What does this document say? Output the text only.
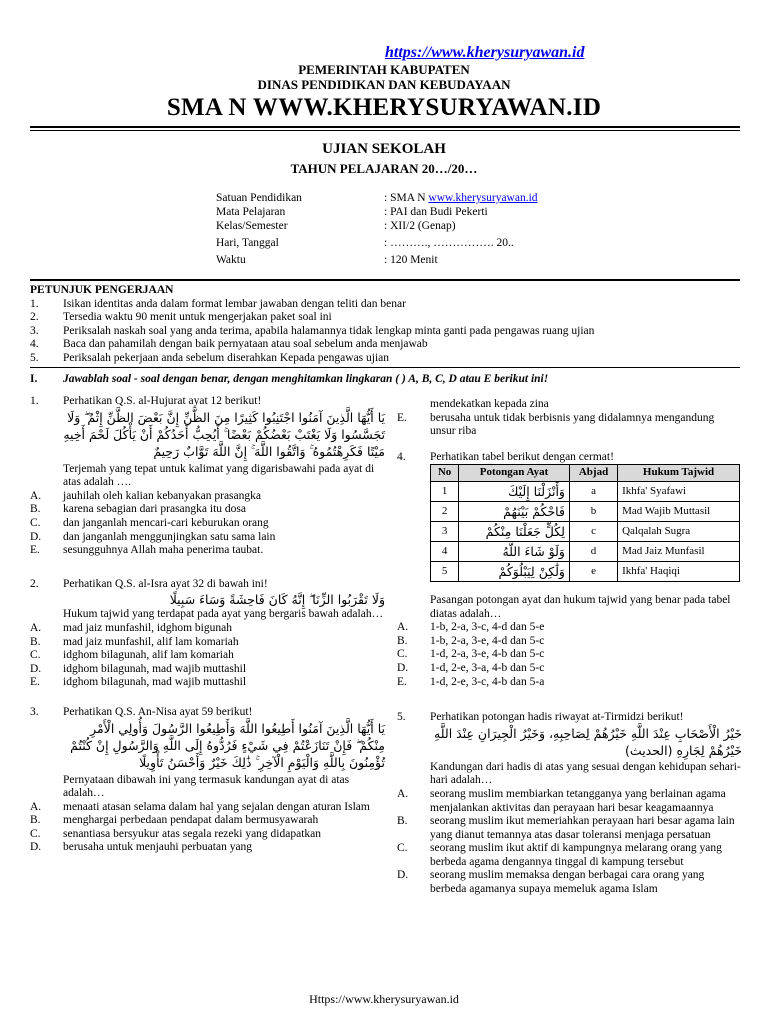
https://www.kherysuryawan.id
PEMERINTAH KABUPATEN
DINAS PENDIDIKAN DAN KEBUDAYAAN
SMA N WWW.KHERYSURYAWAN.ID
UJIAN SEKOLAH
TAHUN PELAJARAN 20…/20…
Satuan Pendidikan	: SMA N www.kherysuryawan.id
Mata Pelajaran	: PAI dan Budi Pekerti
Kelas/Semester	: XII/2 (Genap)
Hari, Tanggal	: ………., ……………. 20..
Waktu	: 120 Menit
PETUNJUK PENGERJAAN
1.	Isikan identitas anda dalam format lembar jawaban dengan teliti dan benar
2.	Tersedia waktu 90 menit untuk mengerjakan paket soal ini
3.	Periksalah naskah soal yang anda terima, apabila halamannya tidak lengkap minta ganti pada pengawas ruang ujian
4.	Baca dan pahamilah dengan baik pernyataan atau soal sebelum anda menjawab
5.	Periksalah pekerjaan anda sebelum diserahkan Kepada pengawas ujian
I.	Jawablah soal - soal dengan benar, dengan menghitamkan lingkaran ( ) A, B, C, D atau E berikut ini!
1.	Perhatikan Q.S. al-Hujurat ayat 12 berikut!
يَا أَيُّهَا الَّذِينَ آمَنُوا اجْتَنِبُوا كَثِيرًا مِنَ الظَّنِّ إِنَّ بَعْضَ الظَّنِّ إِثْمٌ ۖ وَلَا تَجَسَّسُوا وَلَا يَغْتَبْ بَعْضُكُمْ بَعْضًا ۚ أَيُحِبُّ أَحَدُكُمْ أَنْ يَأْكُلَ لَحْمَ أَخِيهِ مَيْتًا فَكَرِهْتُمُوهُ ۚ وَاتَّقُوا اللَّهَ ۚ إِنَّ اللَّهَ تَوَّابٌ رَحِيمٌ
Terjemah yang tepat untuk kalimat yang digarisbawahi pada ayat di atas adalah ….
A.	jauhilah oleh kalian kebanyakan prasangka
B.	karena sebagian dari prasangka itu dosa
C.	dan janganlah mencari-cari keburukan orang
D.	dan janganlah menggunjingkan satu sama lain
E.	sesungguhnya Allah maha penerima taubat.
2.	Perhatikan Q.S. al-Isra ayat 32 di bawah ini!
وَلَا تَقْرَبُوا الزِّنَا ۖ إِنَّهُ كَانَ فَاحِشَةً وَسَاءَ سَبِيلًا
Hukum tajwid yang terdapat pada ayat yang bergaris bawah adalah…
A.	mad jaiz munfashil, idghom bigunah
B.	mad jaiz munfashil, alif lam komariah
C.	idghom bilagunah, alif lam komariah
D.	idghom bilagunah, mad wajib muttashil
E.	idghom bilagunah, mad wajib muttashil
3.	Perhatikan Q.S. An-Nisa ayat 59 berikut!
يَا أَيُّهَا الَّذِينَ آمَنُوا أَطِيعُوا اللَّهَ وَأَطِيعُوا الرَّسُولَ وَأُولِي الْأَمْرِ مِنْكُمْ ۖ فَإِنْ تَنَازَعْتُمْ فِي شَيْءٍ فَرُدُّوهُ إِلَى اللَّهِ وَالرَّسُولِ إِنْ كُنْتُمْ تُؤْمِنُونَ بِاللَّهِ وَالْيَوْمِ الْآخِرِ ۚ ذَٰلِكَ خَيْرٌ وَأَحْسَنُ تَأْوِيلًا
Pernyataan dibawah ini yang termasuk kandungan ayat di atas adalah…
A.	menaati atasan selama dalam hal yang sejalan dengan aturan Islam
B.	menghargai perbedaan pendapat dalam bermusyawarah
C.	senantiasa bersyukur atas segala rezeki yang didapatkan
D.	berusaha untuk menjauhi perbuatan yang
mendekatkan kepada zina
E.	berusaha untuk tidak berbisnis yang didalamnya mengandung unsur riba
4.	Perhatikan tabel berikut dengan cermat!
No	Potongan Ayat	Abjad	Hukum Tajwid
1	وَأَنْزَلْنَا إِلَيْكَ	a	Ikhfa' Syafawi
2	فَاحْكُمْ بَيْنَهُمْ	b	Mad Wajib Muttasil
3	لِكُلٍّ جَعَلْنَا مِنْكُمْ	c	Qalqalah Sugra
4	وَلَوْ شَاءَ اللَّهُ	d	Mad Jaiz Munfasil
5	وَلَٰكِنْ لِيَبْلُوَكُمْ	e	Ikhfa' Haqiqi
Pasangan potongan ayat dan hukum tajwid yang benar pada tabel diatas adalah…
A.	1-b, 2-a, 3-c, 4-d dan 5-e
B.	1-b, 2-a, 3-e, 4-d dan 5-c
C.	1-d, 2-a, 3-e, 4-b dan 5-c
D.	1-d, 2-e, 3-a, 4-b dan 5-c
E.	1-d, 2-e, 3-c, 4-b dan 5-a
5.	Perhatikan potongan hadis riwayat at-Tirmidzi berikut!
خَيْرُ الْأَصْحَابِ عِنْدَ اللَّهِ خَيْرُهُمْ لِصَاحِبِهِ، وَخَيْرُ الْجِيرَانِ عِنْدَ اللَّهِ خَيْرُهُمْ لِجَارِهِ (الحديث)
Kandungan dari hadis di atas yang sesuai dengan kehidupan sehari-hari adalah…
A.	seorang muslim membiarkan tetangganya yang berlainan agama menjalankan aktivitas dan perayaan hari besar keagamaannya
B.	seorang muslim ikut memeriahkan perayaan hari besar agama lain yang dianut temannya atas dasar toleransi menjaga persatuan
C.	seorang muslim ikut aktif di kampungnya melarang orang yang berbeda agama dengannya tinggal di kampung tersebut
D.	seorang muslim memaksa dengan berbagai cara orang yang berbeda agamanya supaya memeluk agama Islam
Https://www.kherysuryawan.id
